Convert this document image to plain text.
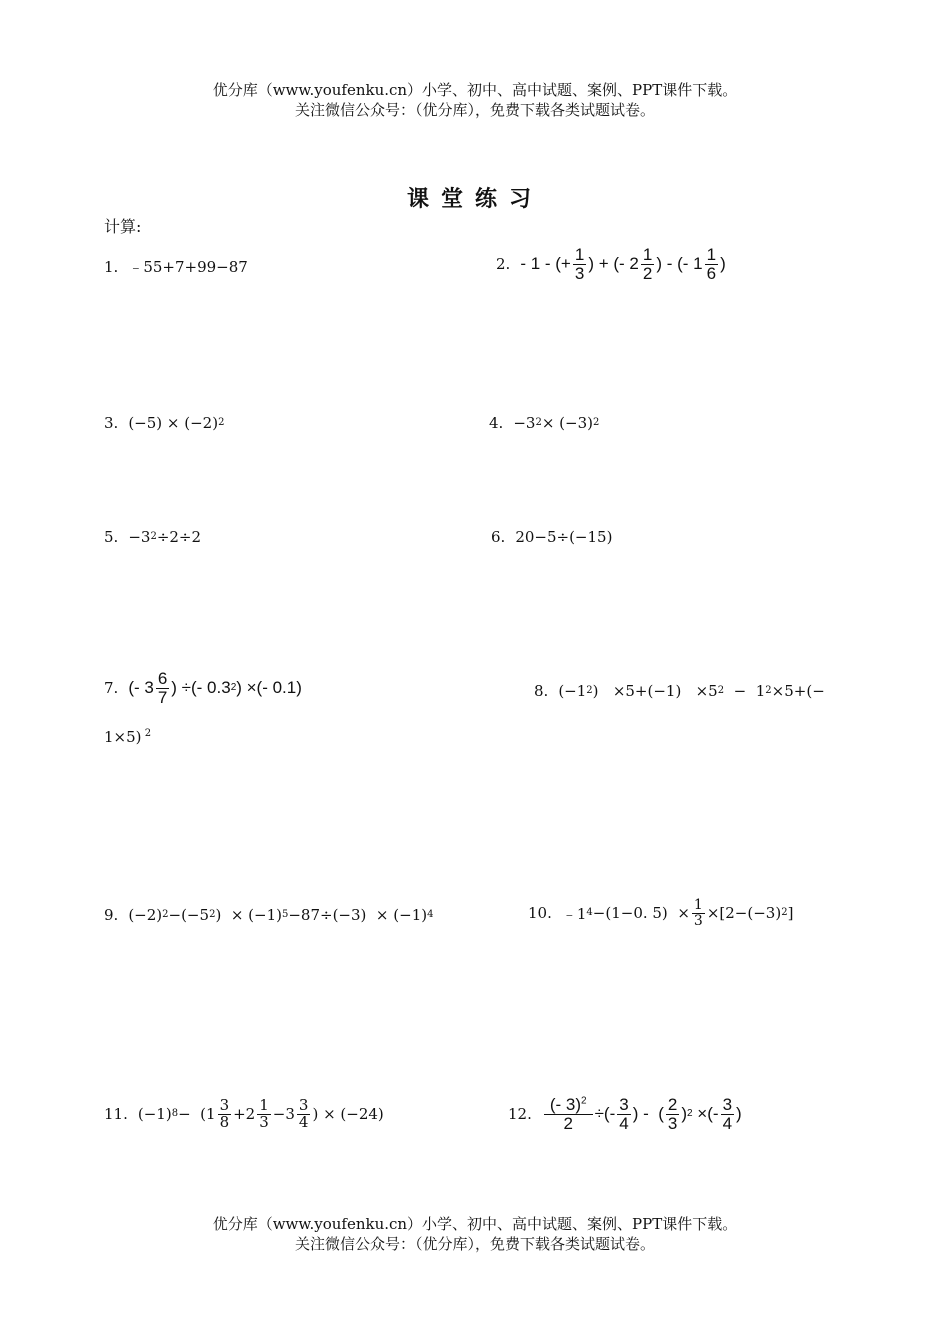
优分库（www.youfenku.cn）小学、初中、高中试题、案例、PPT课件下载。
关注微信公众号：（优分库），免费下载各类试题试卷。
课堂练习
计算:
1. ﹣55+7+99−87	2. - 1 - (+ $\frac{1}{3}$ ) + (- $2 \frac{1}{2}$ ) - (- $1 \frac{1}{6}$ )
3. (−5) × (−2) 2	4. −3 2 × (−3) 2
5. −3 2 ÷2÷2	6. 20−5÷(−15)
7. (- $3 \frac{6}{7}$ ) ÷(- 0.3 2 ) ×(- 0.1)	8. (−1 2 )   ×5+(−1)   ×5 2 −  1 2 ×5+(−
1×5) $^2$
9. (−2) 2 −(−5 2 )  × (−1) 5 −87÷(−3)  × (−1) 4	10. ﹣1 4 −(1−0. $5) \times \frac{1}{3} \times[2-(-3)$ 2 ]
11. (−1) $8 - (1 \frac{3}{8} +2 \frac{1}{3} -3 \frac{3}{4}$ ) × (−24)	12. $\frac{(- 3)^2}{2}$ ÷(- $\frac{3}{4}$ ) -  ( $\frac{2}{3}$ ) 2 ×(- $\frac{3}{4}$ )
优分库（www.youfenku.cn）小学、初中、高中试题、案例、PPT课件下载。
关注微信公众号：（优分库），免费下载各类试题试卷。
